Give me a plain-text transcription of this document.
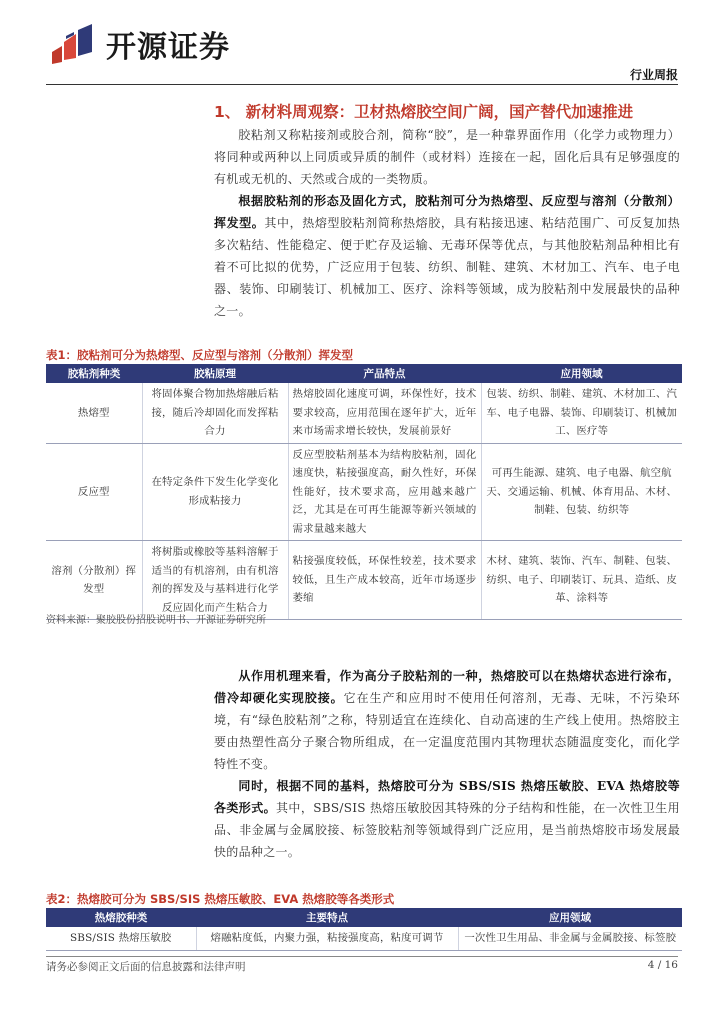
开源证券
行业周报
1、 新材料周观察：卫材热熔胶空间广阔，国产替代加速推进
胶粘剂又称粘接剂或胶合剂，简称“胶”，是一种靠界面作用（化学力或物理力）将同种或两种以上同质或异质的制件（或材料）连接在一起，固化后具有足够强度的有机或无机的、天然或合成的一类物质。
根据胶粘剂的形态及固化方式，胶粘剂可分为热熔型、反应型与溶剂（分散剂）挥发型。其中，热熔型胶粘剂简称热熔胶，具有粘接迅速、粘结范围广、可反复加热多次粘结、性能稳定、便于贮存及运输、无毒环保等优点，与其他胶粘剂品种相比有着不可比拟的优势，广泛应用于包装、纺织、制鞋、建筑、木材加工、汽车、电子电器、装饰、印刷装订、机械加工、医疗、涂料等领域，成为胶粘剂中发展最快的品种之一。
表1：胶粘剂可分为热熔型、反应型与溶剂（分散剂）挥发型
胶粘剂种类	胶粘原理	产品特点	应用领域
热熔型	将固体聚合物加热熔融后粘接，随后冷却固化而发挥粘合力	热熔胶固化速度可调，环保性好，技术要求较高，应用范围在逐年扩大，近年来市场需求增长较快，发展前景好	包装、纺织、制鞋、建筑、木材加工、汽车、电子电器、装饰、印刷装订、机械加工、医疗等
反应型	在特定条件下发生化学变化形成粘接力	反应型胶粘剂基本为结构胶粘剂，固化速度快，粘接强度高，耐久性好，环保性能好，技术要求高，应用越来越广泛，尤其是在可再生能源等新兴领域的需求量越来越大	可再生能源、建筑、电子电器、航空航天、交通运输、机械、体育用品、木材、制鞋、包装、纺织等
溶剂（分散剂）挥发型	将树脂或橡胶等基料溶解于适当的有机溶剂，由有机溶剂的挥发及与基料进行化学反应固化而产生粘合力	粘接强度较低，环保性较差，技术要求较低，且生产成本较高，近年市场逐步萎缩	木材、建筑、装饰、汽车、制鞋、包装、纺织、电子、印刷装订、玩具、造纸、皮革、涂料等
资料来源：聚胶股份招股说明书、开源证券研究所
从作用机理来看，作为高分子胶粘剂的一种，热熔胶可以在热熔状态进行涂布，借冷却硬化实现胶接。它在生产和应用时不使用任何溶剂，无毒、无味，不污染环境，有“绿色胶粘剂”之称，特别适宜在连续化、自动高速的生产线上使用。热熔胶主要由热塑性高分子聚合物所组成，在一定温度范围内其物理状态随温度变化，而化学特性不变。
同时，根据不同的基料，热熔胶可分为 SBS/SIS 热熔压敏胶、EVA 热熔胶等各类形式。其中，SBS/SIS 热熔压敏胶因其特殊的分子结构和性能，在一次性卫生用品、非金属与金属胶接、标签胶粘剂等领域得到广泛应用，是当前热熔胶市场发展最快的品种之一。
表2：热熔胶可分为 SBS/SIS 热熔压敏胶、EVA 热熔胶等各类形式
热熔胶种类	主要特点	应用领域
SBS/SIS 热熔压敏胶	熔融粘度低，内聚力强，粘接强度高，粘度可调节	一次性卫生用品、非金属与金属胶接、标签胶
请务必参阅正文后面的信息披露和法律声明	4 / 16
